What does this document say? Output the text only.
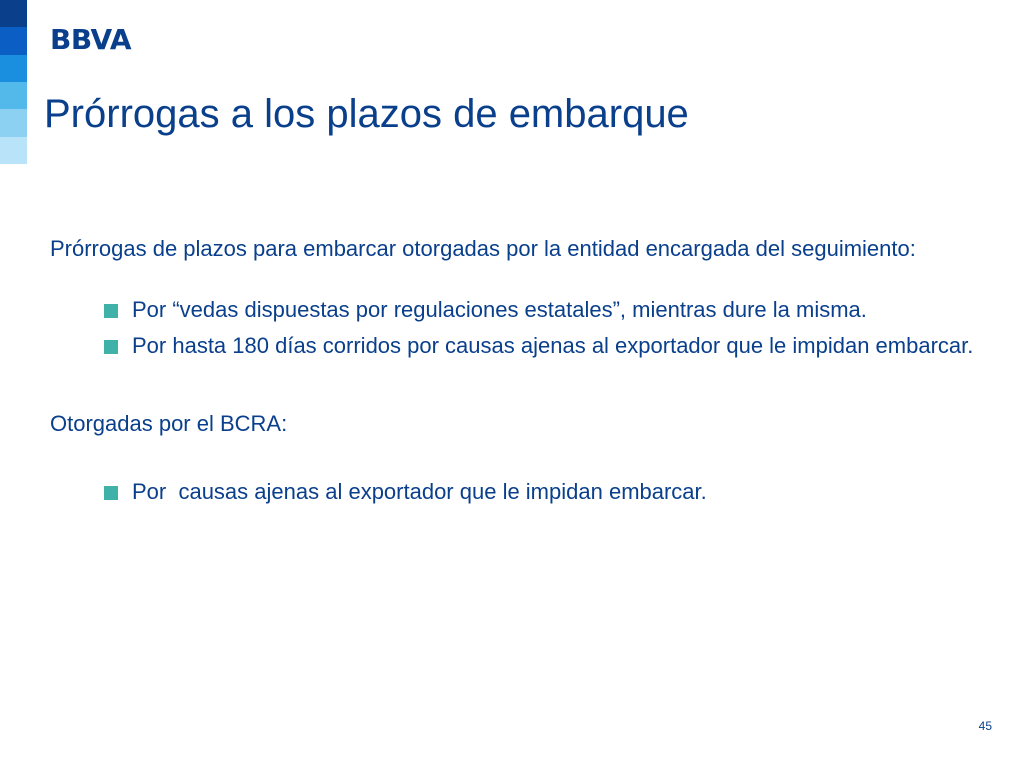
BBVA
Prórrogas a los plazos de embarque

Prórrogas de plazos para embarcar otorgadas por la entidad encargada del seguimiento:

Por “vedas dispuestas por regulaciones estatales”, mientras dure la misma.
Por hasta 180 días corridos por causas ajenas al exportador que le impidan embarcar.

Otorgadas por el BCRA:

Por  causas ajenas al exportador que le impidan embarcar.
45
